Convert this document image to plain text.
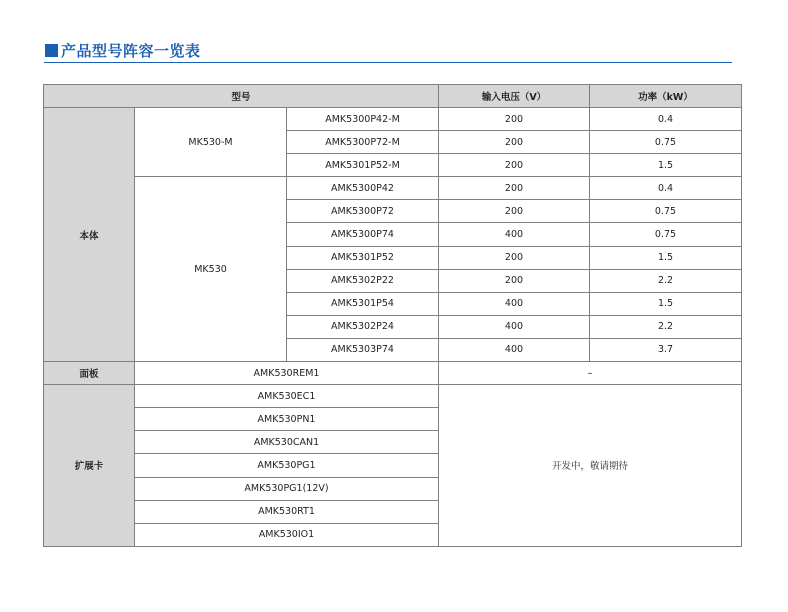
产品型号阵容一览表
型号			输入电压（V）	功率（kW）
本体	MK530-M	AMK5300P42-M	200	0.4
		AMK5300P72-M	200	0.75
		AMK5301P52-M	200	1.5
	MK530	AMK5300P42	200	0.4
		AMK5300P72	200	0.75
		AMK5300P74	400	0.75
		AMK5301P52	200	1.5
		AMK5302P22	200	2.2
		AMK5301P54	400	1.5
		AMK5302P24	400	2.2
		AMK5303P74	400	3.7
面板	AMK530REM1		–	
扩展卡	AMK530EC1		开发中，敬请期待	
	AMK530PN1			
	AMK530CAN1			
	AMK530PG1			
	AMK530PG1(12V)			
	AMK530RT1			
	AMK530IO1			
